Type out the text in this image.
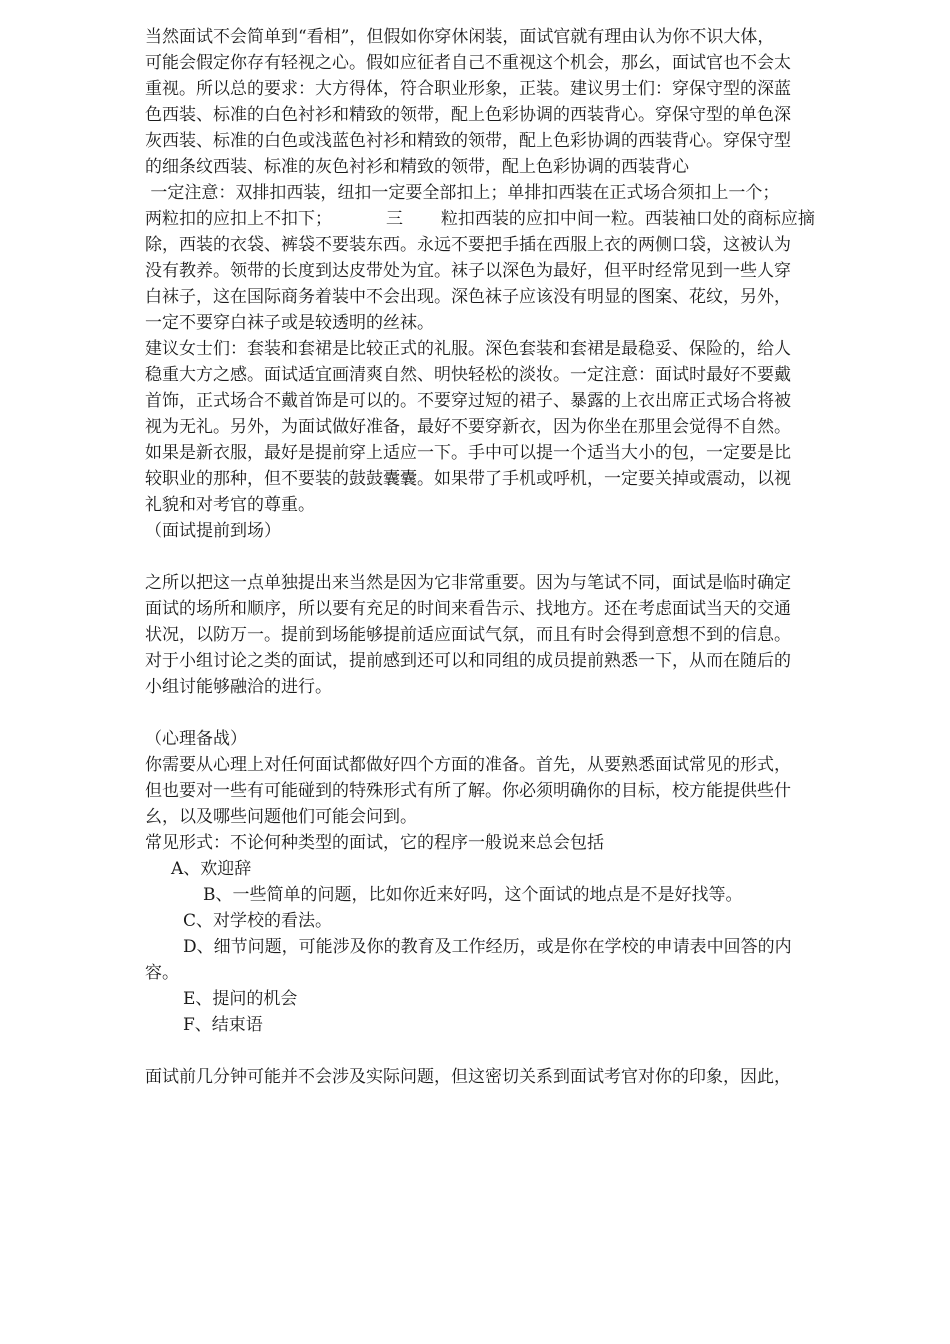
当然面试不会简单到“看相”，但假如你穿休闲装，面试官就有理由认为你不识大体，
可能会假定你存有轻视之心。假如应征者自己不重视这个机会，那幺，面试官也不会太
重视。所以总的要求：大方得体，符合职业形象，正装。建议男士们：穿保守型的深蓝
色西装、标准的白色衬衫和精致的领带，配上色彩协调的西装背心。穿保守型的单色深
灰西装、标准的白色或浅蓝色衬衫和精致的领带，配上色彩协调的西装背心。穿保守型
的细条纹西装、标准的灰色衬衫和精致的领带，配上色彩协调的西装背心
一定注意：双排扣西装，纽扣一定要全部扣上；单排扣西装在正式场合须扣上一个；
两粒扣的应扣上不扣下；          三       粒扣西装的应扣中间一粒。西装袖口处的商标应摘
除，西装的衣袋、裤袋不要装东西。永远不要把手插在西服上衣的两侧口袋，这被认为
没有教养。领带的长度到达皮带处为宜。袜子以深色为最好，但平时经常见到一些人穿
白袜子，这在国际商务着装中不会出现。深色袜子应该没有明显的图案、花纹，另外，
一定不要穿白袜子或是较透明的丝袜。
建议女士们：套装和套裙是比较正式的礼服。深色套装和套裙是最稳妥、保险的，给人
稳重大方之感。面试适宜画清爽自然、明快轻松的淡妆。一定注意：面试时最好不要戴
首饰，正式场合不戴首饰是可以的。不要穿过短的裙子、暴露的上衣出席正式场合将被
视为无礼。另外，为面试做好准备，最好不要穿新衣，因为你坐在那里会觉得不自然。
如果是新衣服，最好是提前穿上适应一下。手中可以提一个适当大小的包，一定要是比
较职业的那种，但不要装的鼓鼓囊囊。如果带了手机或呼机，一定要关掉或震动，以视
礼貌和对考官的尊重。
（面试提前到场）
之所以把这一点单独提出来当然是因为它非常重要。因为与笔试不同，面试是临时确定
面试的场所和顺序，所以要有充足的时间来看告示、找地方。还在考虑面试当天的交通
状况，以防万一。提前到场能够提前适应面试气氛，而且有时会得到意想不到的信息。
对于小组讨论之类的面试，提前感到还可以和同组的成员提前熟悉一下，从而在随后的
小组讨能够融洽的进行。
（心理备战）
你需要从心理上对任何面试都做好四个方面的准备。首先，从要熟悉面试常见的形式，
但也要对一些有可能碰到的特殊形式有所了解。你必须明确你的目标，校方能提供些什
幺，以及哪些问题他们可能会问到。
常见形式：不论何种类型的面试，它的程序一般说来总会包括
A、欢迎辞
B、一些简单的问题，比如你近来好吗，这个面试的地点是不是好找等。
C、对学校的看法。
D、细节问题，可能涉及你的教育及工作经历，或是你在学校的申请表中回答的内
容。
E、提问的机会
F、结束语
面试前几分钟可能并不会涉及实际问题，但这密切关系到面试考官对你的印象，因此，
